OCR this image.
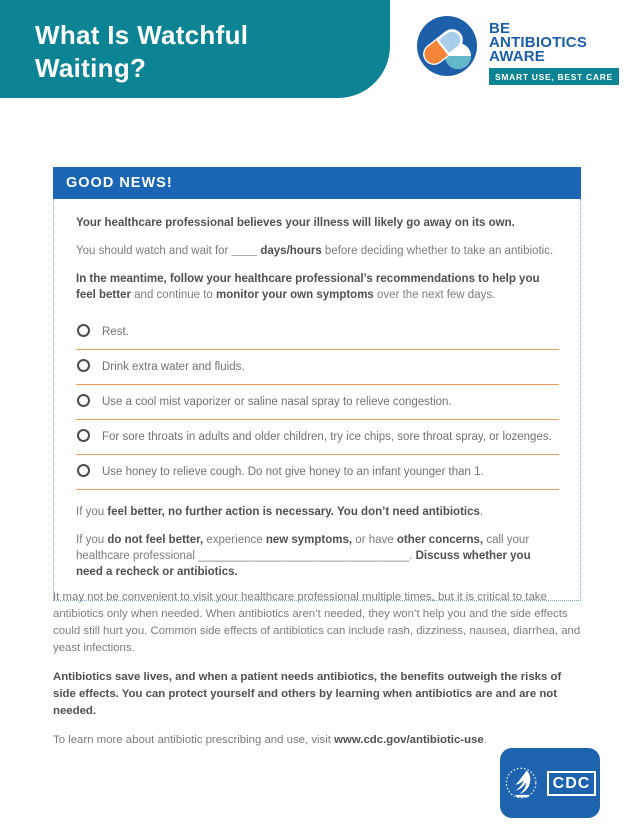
What Is Watchful
Waiting?
BE
ANTIBIOTICS
AWARE
SMART USE, BEST CARE
GOOD NEWS!

Your healthcare professional believes your illness will likely go away on its own.

You should watch and wait for ____ days/hours before deciding whether to take an antibiotic.

In the meantime, follow your healthcare professional’s recommendations to help you feel better and continue to monitor your own symptoms over the next few days.

Rest.
Drink extra water and fluids.
Use a cool mist vaporizer or saline nasal spray to relieve congestion.
For sore throats in adults and older children, try ice chips, sore throat spray, or lozenges.
Use honey to relieve cough. Do not give honey to an infant younger than 1.

If you feel better, no further action is necessary. You don’t need antibiotics.

If you do not feel better, experience new symptoms, or have other concerns, call your healthcare professional _________________________________. Discuss whether you need a recheck or antibiotics.

It may not be convenient to visit your healthcare professional multiple times, but it is critical to take antibiotics only when needed. When antibiotics aren’t needed, they won’t help you and the side effects could still hurt you. Common side effects of antibiotics can include rash, dizziness, nausea, diarrhea, and yeast infections.

Antibiotics save lives, and when a patient needs antibiotics, the benefits outweigh the risks of side effects. You can protect yourself and others by learning when antibiotics are and are not needed.

To learn more about antibiotic prescribing and use, visit www.cdc.gov/antibiotic-use.

CDC
